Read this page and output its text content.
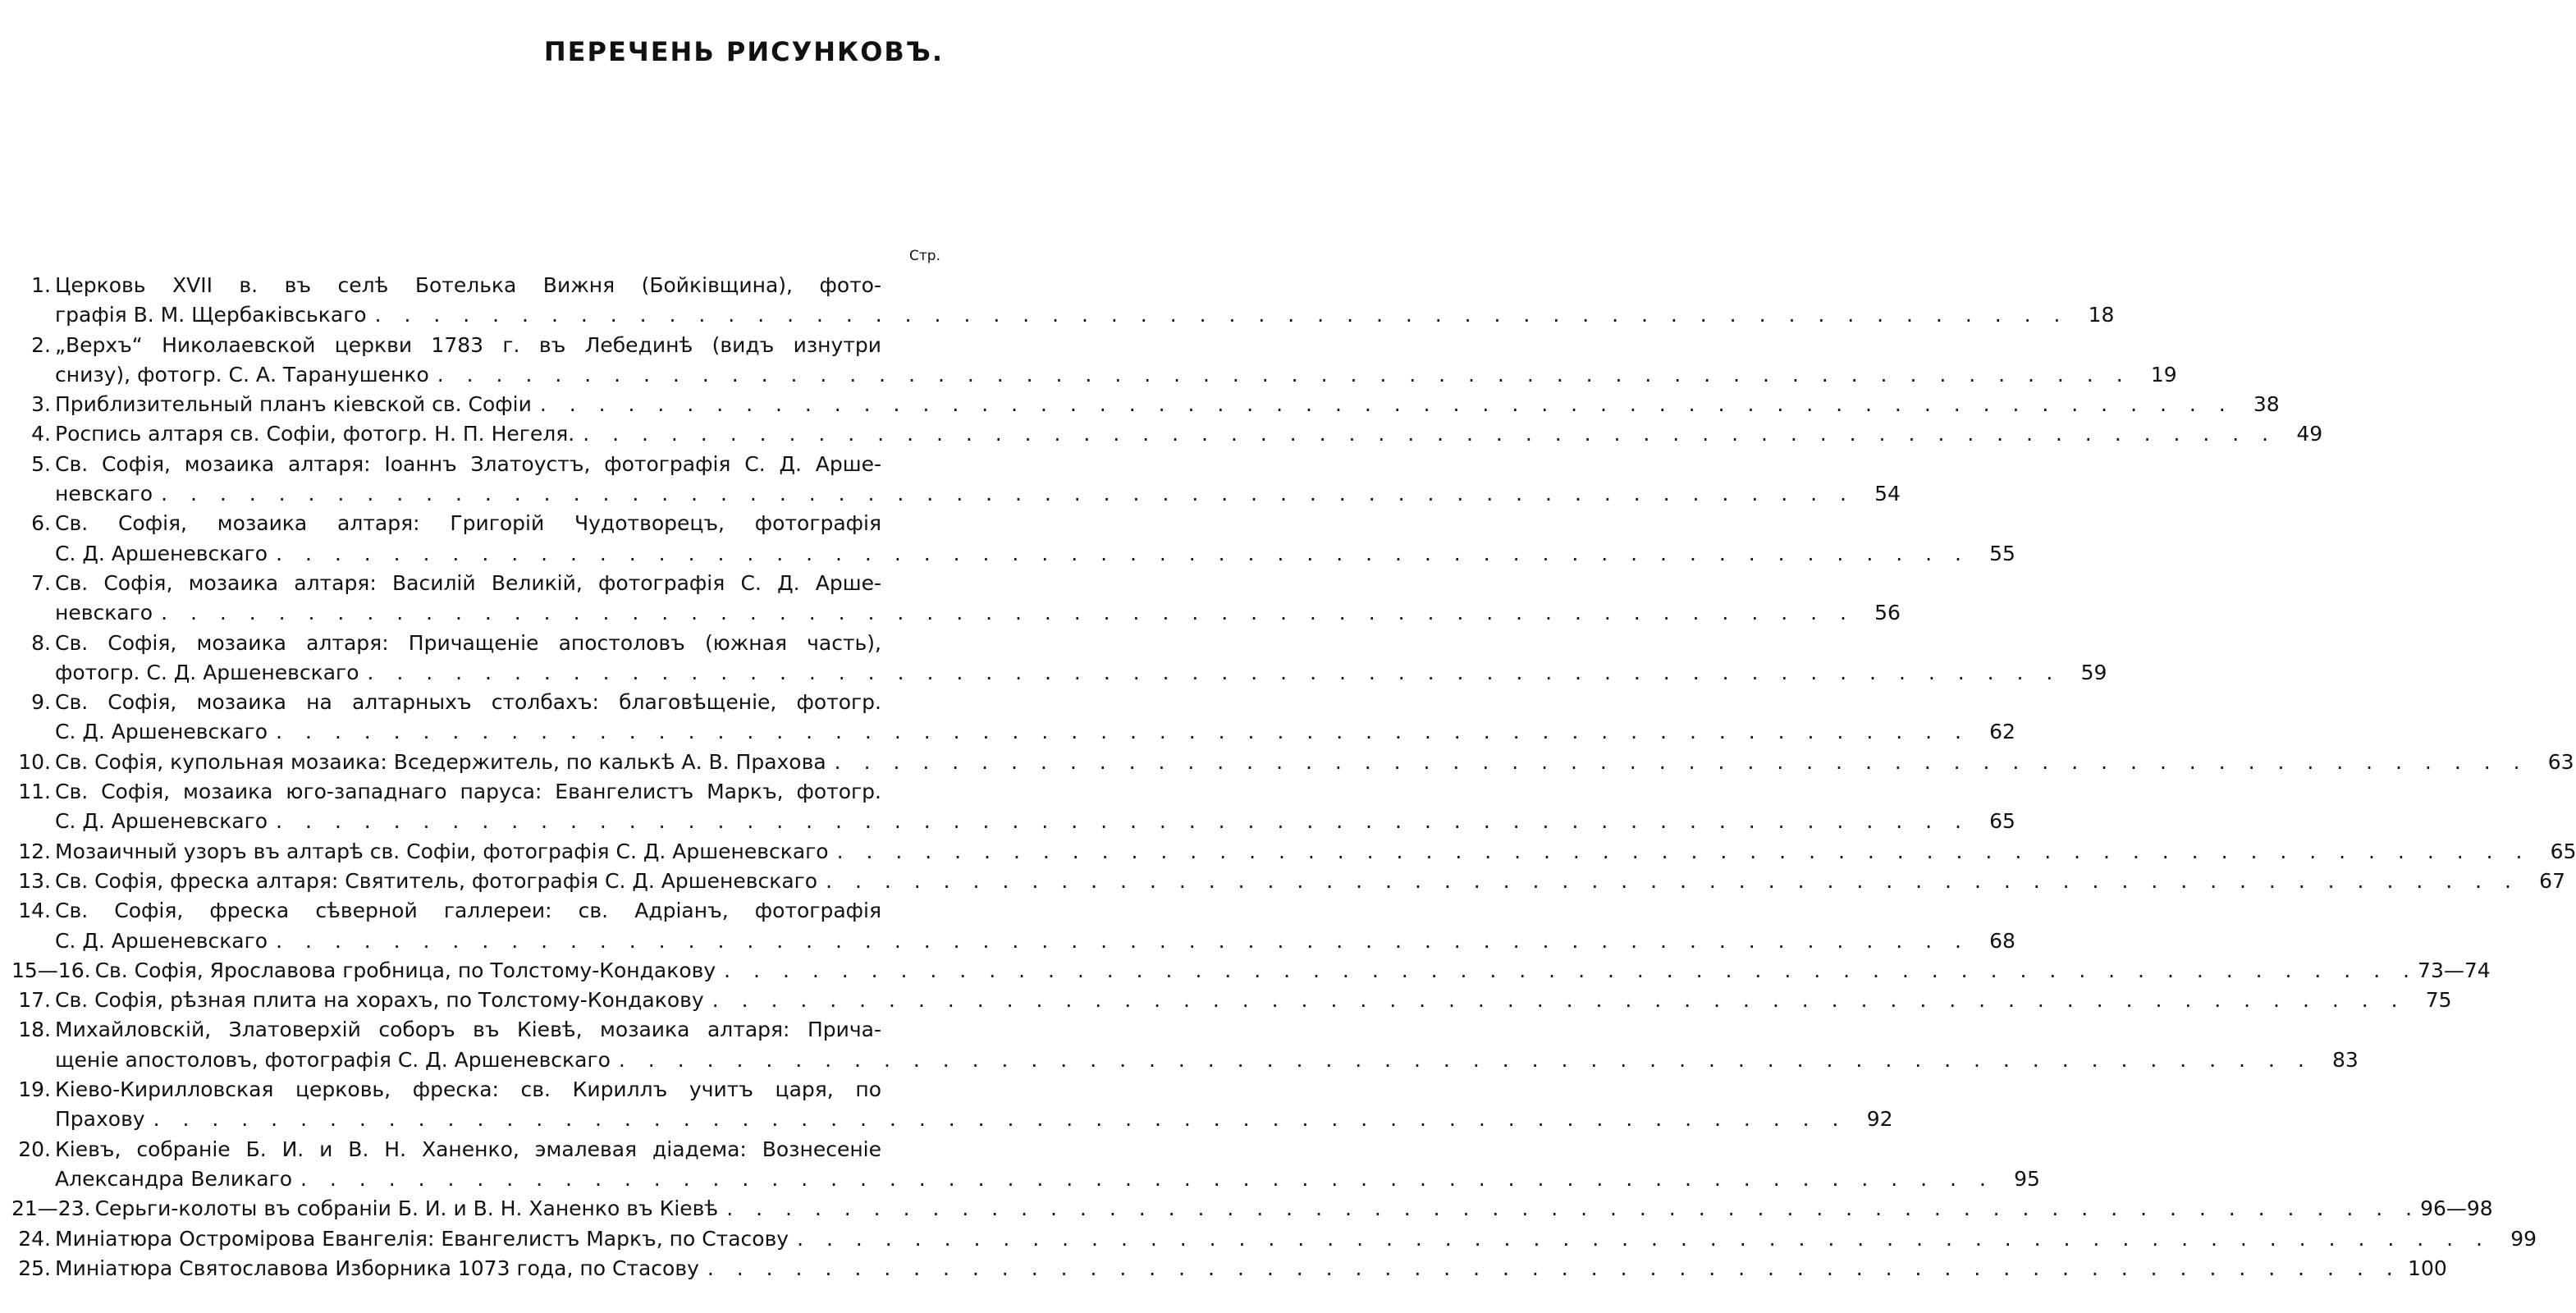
ПЕРЕЧЕНЬ РИСУНКОВЪ.
Стр.
1. Церковь XVII в. въ селѣ Ботелька Вижня (Бойківщина), фото-
графія В. М. Щербаківськаго . . . . . . . . . . . . . . . . . . . . . . . . . . . . . . . . . . . . . . . . . . . . . . . . . . . . . . . . . . 18
2. „Верхъ“ Николаевской церкви 1783 г. въ Лебединѣ (видъ изнутри
снизу), фотогр. С. А. Таранушенко . . . . . . . . . . . . . . . . . . . . . . . . . . . . . . . . . . . . . . . . . . . . . . . . . . . . . . . . . . 19
3. Приблизительный планъ кіевской св. Софіи . . . . . . . . . . . . . . . . . . . . . . . . . . . . . . . . . . . . . . . . . . . . . . . . . . . . . . . . . . 38
4. Роспись алтаря св. Софіи, фотогр. Н. П. Негеля. . . . . . . . . . . . . . . . . . . . . . . . . . . . . . . . . . . . . . . . . . . . . . . . . . . . . . . . . . . 49
5. Св. Софія, мозаика алтаря: Іоаннъ Златоустъ, фотографія С. Д. Арше-
невскаго . . . . . . . . . . . . . . . . . . . . . . . . . . . . . . . . . . . . . . . . . . . . . . . . . . . . . . . . . . 54
6. Св. Софія, мозаика алтаря: Григорій Чудотворецъ, фотографія
С. Д. Аршеневскаго . . . . . . . . . . . . . . . . . . . . . . . . . . . . . . . . . . . . . . . . . . . . . . . . . . . . . . . . . . 55
7. Св. Софія, мозаика алтаря: Василій Великій, фотографія С. Д. Арше-
невскаго . . . . . . . . . . . . . . . . . . . . . . . . . . . . . . . . . . . . . . . . . . . . . . . . . . . . . . . . . . 56
8. Св. Софія, мозаика алтаря: Причащеніе апостоловъ (южная часть),
фотогр. С. Д. Аршеневскаго . . . . . . . . . . . . . . . . . . . . . . . . . . . . . . . . . . . . . . . . . . . . . . . . . . . . . . . . . . 59
9. Св. Софія, мозаика на алтарныхъ столбахъ: благовѣщеніе, фотогр.
С. Д. Аршеневскаго . . . . . . . . . . . . . . . . . . . . . . . . . . . . . . . . . . . . . . . . . . . . . . . . . . . . . . . . . . 62
10. Св. Софія, купольная мозаика: Вседержитель, по калькѣ А. В. Прахова . . . . . . . . . . . . . . . . . . . . . . . . . . . . . . . . . . . . . . . . . . . . . . . . . . . . . . . . . . 63
11. Св. Софія, мозаика юго-западнаго паруса: Евангелистъ Маркъ, фотогр.
С. Д. Аршеневскаго . . . . . . . . . . . . . . . . . . . . . . . . . . . . . . . . . . . . . . . . . . . . . . . . . . . . . . . . . . 65
12. Мозаичный узоръ въ алтарѣ св. Софіи, фотографія С. Д. Аршеневскаго . . . . . . . . . . . . . . . . . . . . . . . . . . . . . . . . . . . . . . . . . . . . . . . . . . . . . . . . . . 65
13. Св. Софія, фреска алтаря: Святитель, фотографія С. Д. Аршеневскаго . . . . . . . . . . . . . . . . . . . . . . . . . . . . . . . . . . . . . . . . . . . . . . . . . . . . . . . . . . 67
14. Св. Софія, фреска сѣверной галлереи: св. Адріанъ, фотографія
С. Д. Аршеневскаго . . . . . . . . . . . . . . . . . . . . . . . . . . . . . . . . . . . . . . . . . . . . . . . . . . . . . . . . . . 68
15—16. Св. Софія, Ярославова гробница, по Толстому-Кондакову . . . . . . . . . . . . . . . . . . . . . . . . . . . . . . . . . . . . . . . . . . . . . . . . . . . . . . . . . . 73—74
17. Св. Софія, рѣзная плита на хорахъ, по Толстому-Кондакову . . . . . . . . . . . . . . . . . . . . . . . . . . . . . . . . . . . . . . . . . . . . . . . . . . . . . . . . . . 75
18. Михайловскій, Златоверхій соборъ въ Кіевѣ, мозаика алтаря: Прича-
щеніе апостоловъ, фотографія С. Д. Аршеневскаго . . . . . . . . . . . . . . . . . . . . . . . . . . . . . . . . . . . . . . . . . . . . . . . . . . . . . . . . . . 83
19. Кіево-Кирилловская церковь, фреска: св. Кириллъ учитъ царя, по
Прахову . . . . . . . . . . . . . . . . . . . . . . . . . . . . . . . . . . . . . . . . . . . . . . . . . . . . . . . . . . 92
20. Кіевъ, собраніе Б. И. и В. Н. Ханенко, эмалевая діадема: Вознесеніе
Александра Великаго . . . . . . . . . . . . . . . . . . . . . . . . . . . . . . . . . . . . . . . . . . . . . . . . . . . . . . . . . . 95
21—23. Серьги-колоты въ собраніи Б. И. и В. Н. Ханенко въ Кіевѣ . . . . . . . . . . . . . . . . . . . . . . . . . . . . . . . . . . . . . . . . . . . . . . . . . . . . . . . . . . 96—98
24. Миніатюра Остромірова Евангелія: Евангелистъ Маркъ, по Стасову . . . . . . . . . . . . . . . . . . . . . . . . . . . . . . . . . . . . . . . . . . . . . . . . . . . . . . . . . . 99
25. Миніатюра Святославова Изборника 1073 года, по Стасову . . . . . . . . . . . . . . . . . . . . . . . . . . . . . . . . . . . . . . . . . . . . . . . . . . . . . . . . . . 100
